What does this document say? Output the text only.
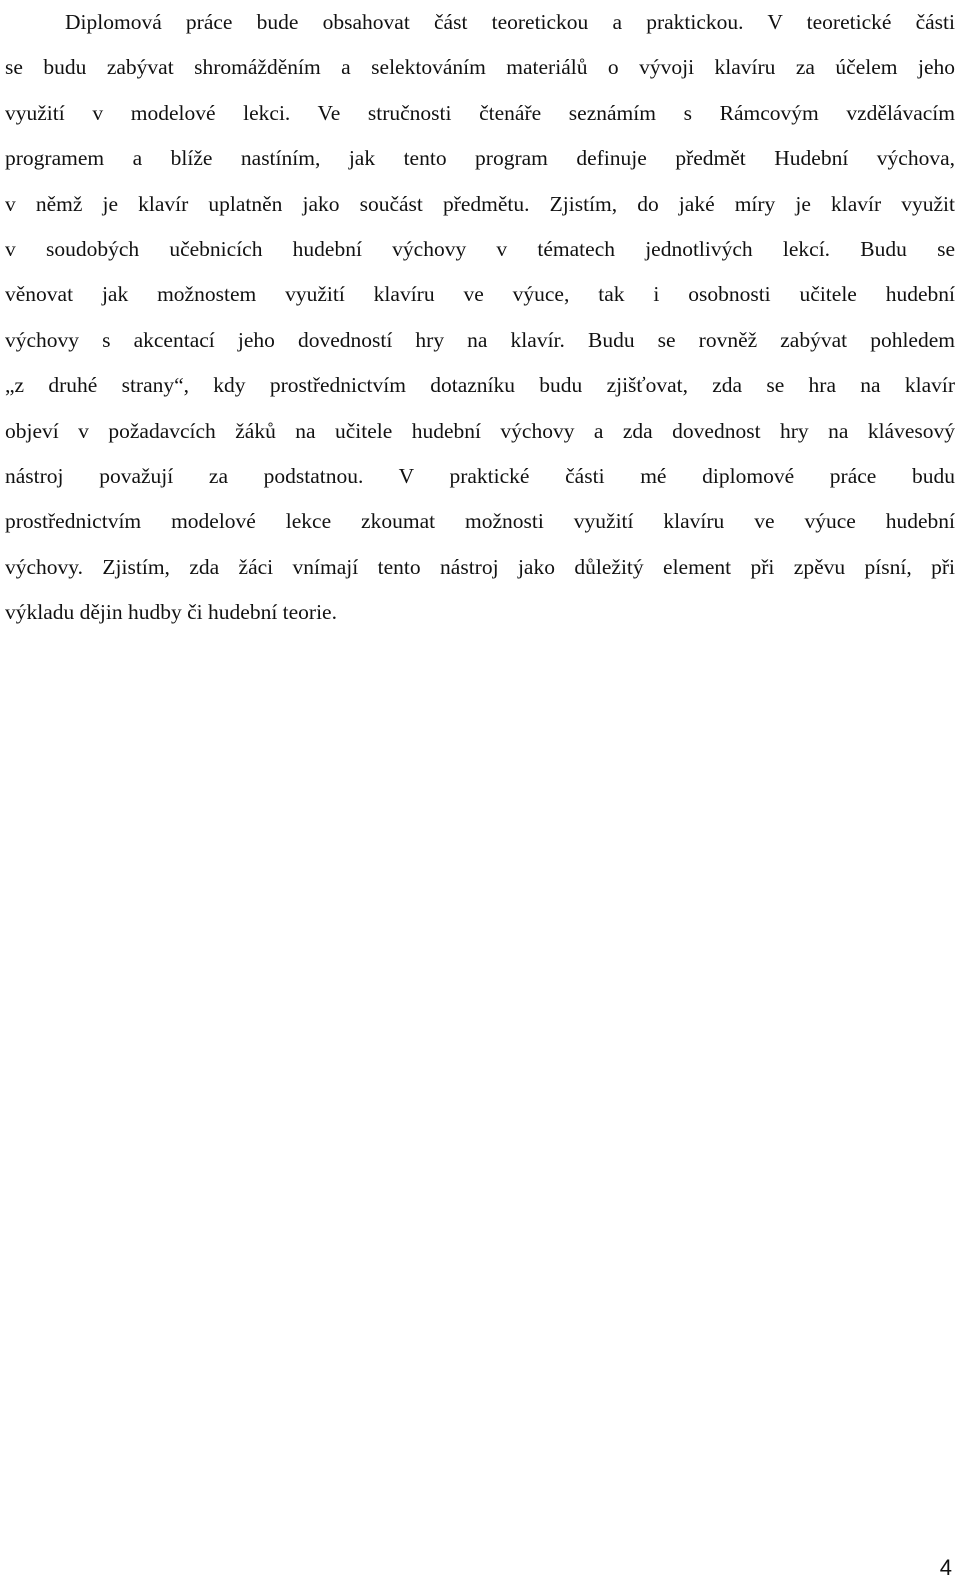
Diplomová práce bude obsahovat část teoretickou a praktickou. V teoretické části
se budu zabývat shromážděním a selektováním materiálů o vývoji klavíru za účelem jeho
využití v modelové lekci. Ve stručnosti čtenáře seznámím s Rámcovým vzdělávacím
programem a blíže nastíním, jak tento program definuje předmět Hudební výchova,
v němž je klavír uplatněn jako součást předmětu. Zjistím, do jaké míry je klavír využit
v soudobých učebnicích hudební výchovy v tématech jednotlivých lekcí. Budu se
věnovat jak možnostem využití klavíru ve výuce, tak i osobnosti učitele hudební
výchovy s akcentací jeho dovedností hry na klavír. Budu se rovněž zabývat pohledem
„z druhé strany“, kdy prostřednictvím dotazníku budu zjišťovat, zda se hra na klavír
objeví v požadavcích žáků na učitele hudební výchovy a zda dovednost hry na klávesový
nástroj považují za podstatnou. V praktické části mé diplomové práce budu
prostřednictvím modelové lekce zkoumat možnosti využití klavíru ve výuce hudební
výchovy. Zjistím, zda žáci vnímají tento nástroj jako důležitý element při zpěvu písní, při
výkladu dějin hudby či hudební teorie.
4
